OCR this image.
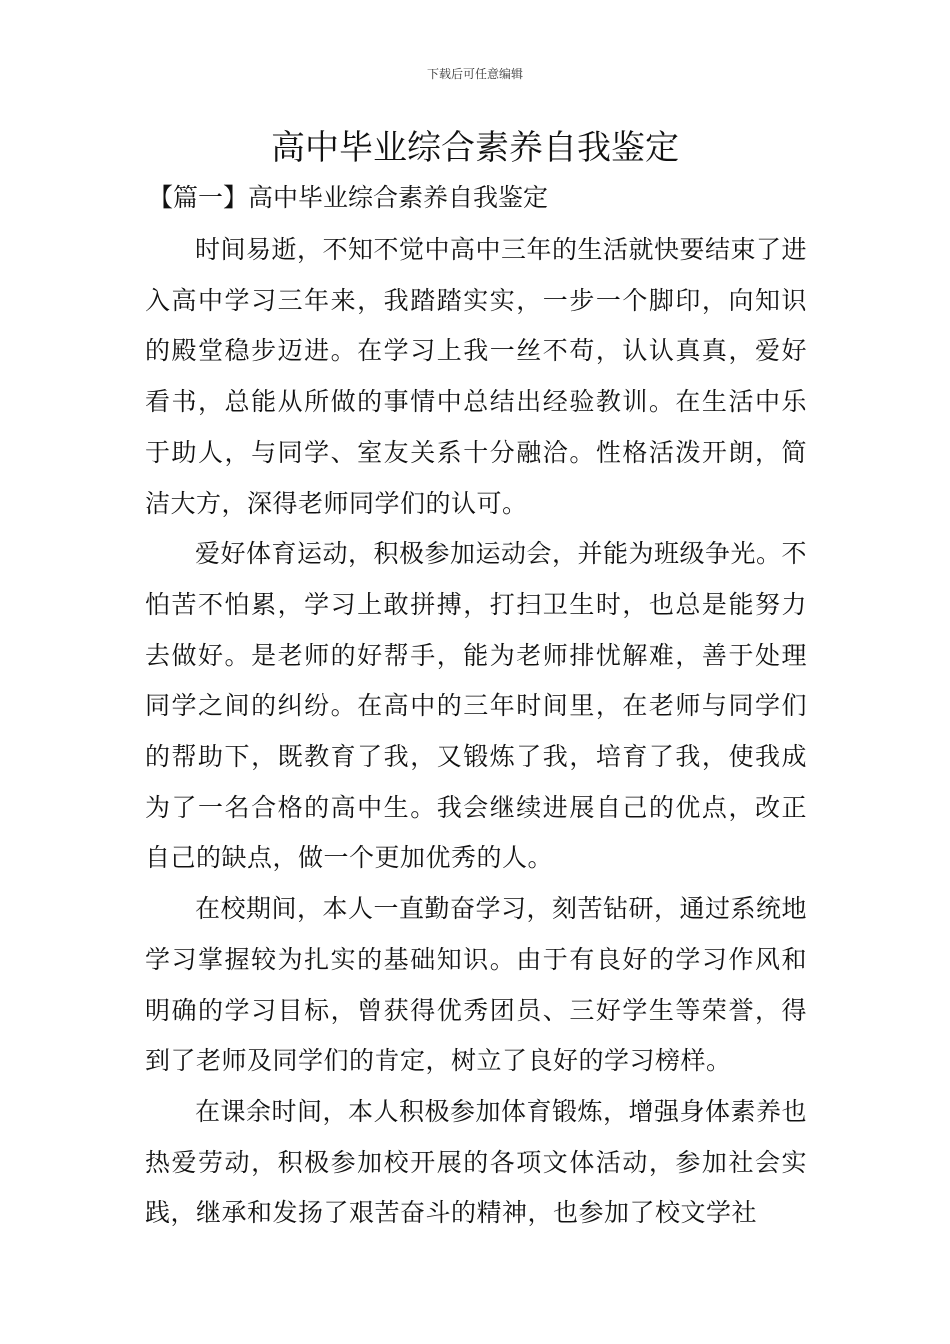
下载后可任意编辑
高中毕业综合素养自我鉴定
【篇一】高中毕业综合素养自我鉴定

时间易逝，不知不觉中高中三年的生活就快要结束了进入高中学习三年来，我踏踏实实，一步一个脚印，向知识的殿堂稳步迈进。在学习上我一丝不苟，认认真真，爱好看书，总能从所做的事情中总结出经验教训。在生活中乐于助人，与同学、室友关系十分融洽。性格活泼开朗，简洁大方，深得老师同学们的认可。

爱好体育运动，积极参加运动会，并能为班级争光。不怕苦不怕累，学习上敢拼搏，打扫卫生时，也总是能努力去做好。是老师的好帮手，能为老师排忧解难，善于处理同学之间的纠纷。在高中的三年时间里，在老师与同学们的帮助下，既教育了我，又锻炼了我，培育了我，使我成为了一名合格的高中生。我会继续进展自己的优点，改正自己的缺点，做一个更加优秀的人。

在校期间，本人一直勤奋学习，刻苦钻研，通过系统地学习掌握较为扎实的基础知识。由于有良好的学习作风和明确的学习目标，曾获得优秀团员、三好学生等荣誉，得到了老师及同学们的肯定，树立了良好的学习榜样。

在课余时间，本人积极参加体育锻炼，增强身体素养也热爱劳动，积极参加校开展的各项文体活动，参加社会实践，继承和发扬了艰苦奋斗的精神，也参加了校文学社
